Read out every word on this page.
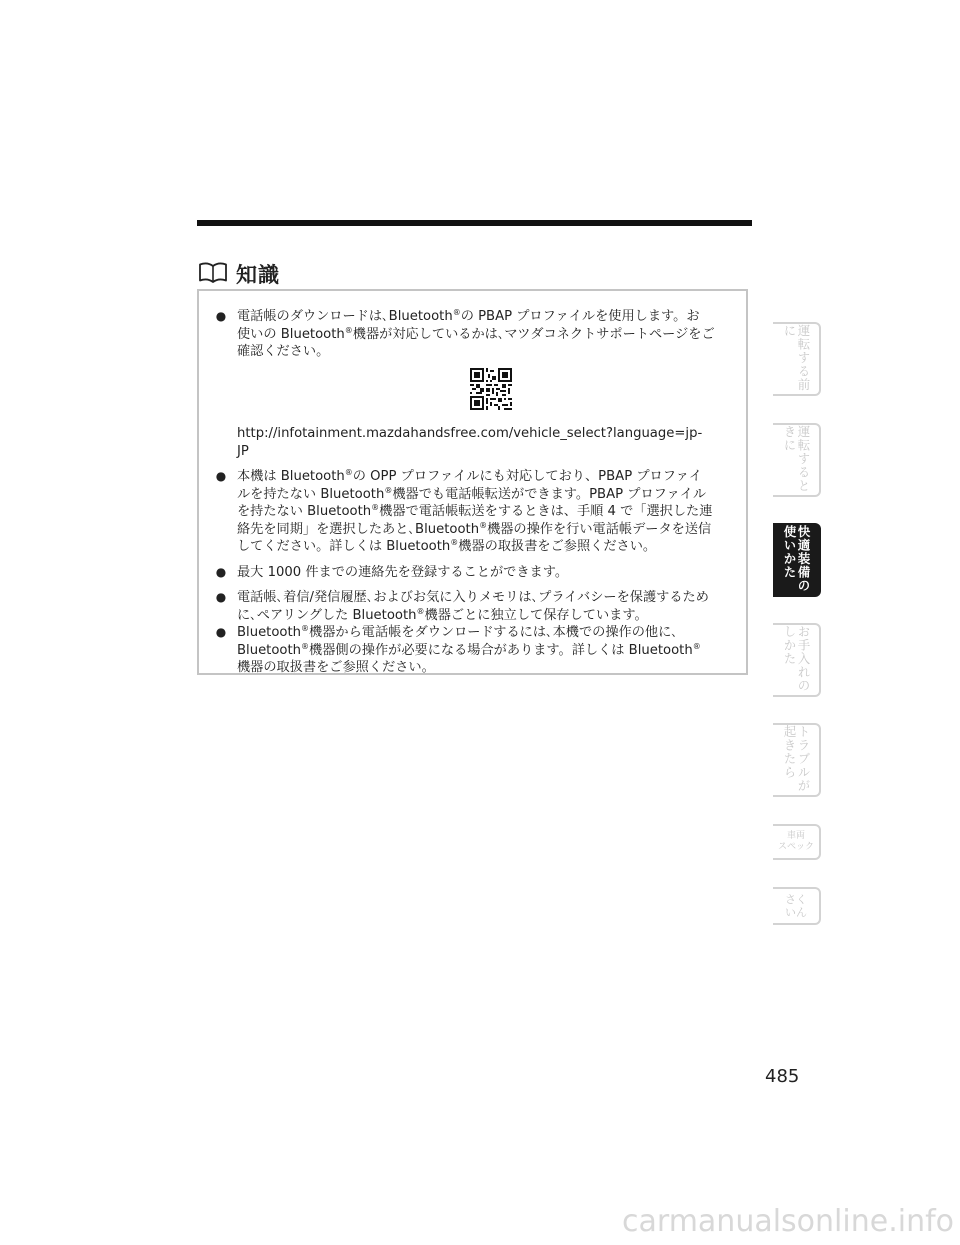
知識
● 電話帳のダウンロードは､Bluetooth®の PBAP プロファイルを使用します。お
使いの Bluetooth®機器が対応しているかは､マツダコネクトサポートページをご
確認ください。
http://infotainment.mazdahandsfree.com/vehicle_select?language=jp-
JP
● 本機は Bluetooth®の OPP プロファイルにも対応しており、PBAP プロファイ
ルを持たない Bluetooth®機器でも電話帳転送ができます。PBAP プロファイル
を持たない Bluetooth®機器で電話帳転送をするときは、手順 4 で「選択した連
絡先を同期」を選択したあと､Bluetooth®機器の操作を行い電話帳データを送信
してください。詳しくは Bluetooth®機器の取扱書をご参照ください。
● 最大 1000 件までの連絡先を登録することができます。
● 電話帳､着信/発信履歴､およびお気に入りメモリは､プライバシーを保護するため
に､ペアリングした Bluetooth®機器ごとに独立して保存しています。
● Bluetooth®機器から電話帳をダウンロードするには､本機での操作の他に､
Bluetooth®機器側の操作が必要になる場合があります。詳しくは Bluetooth®
機器の取扱書をご参照ください。
運転する前に
運転するときに
快適装備の使いかた
お手入れのしかた
トラブルが起きたら
車両
スペック
さく
いん
485
carmanualsonline.info
